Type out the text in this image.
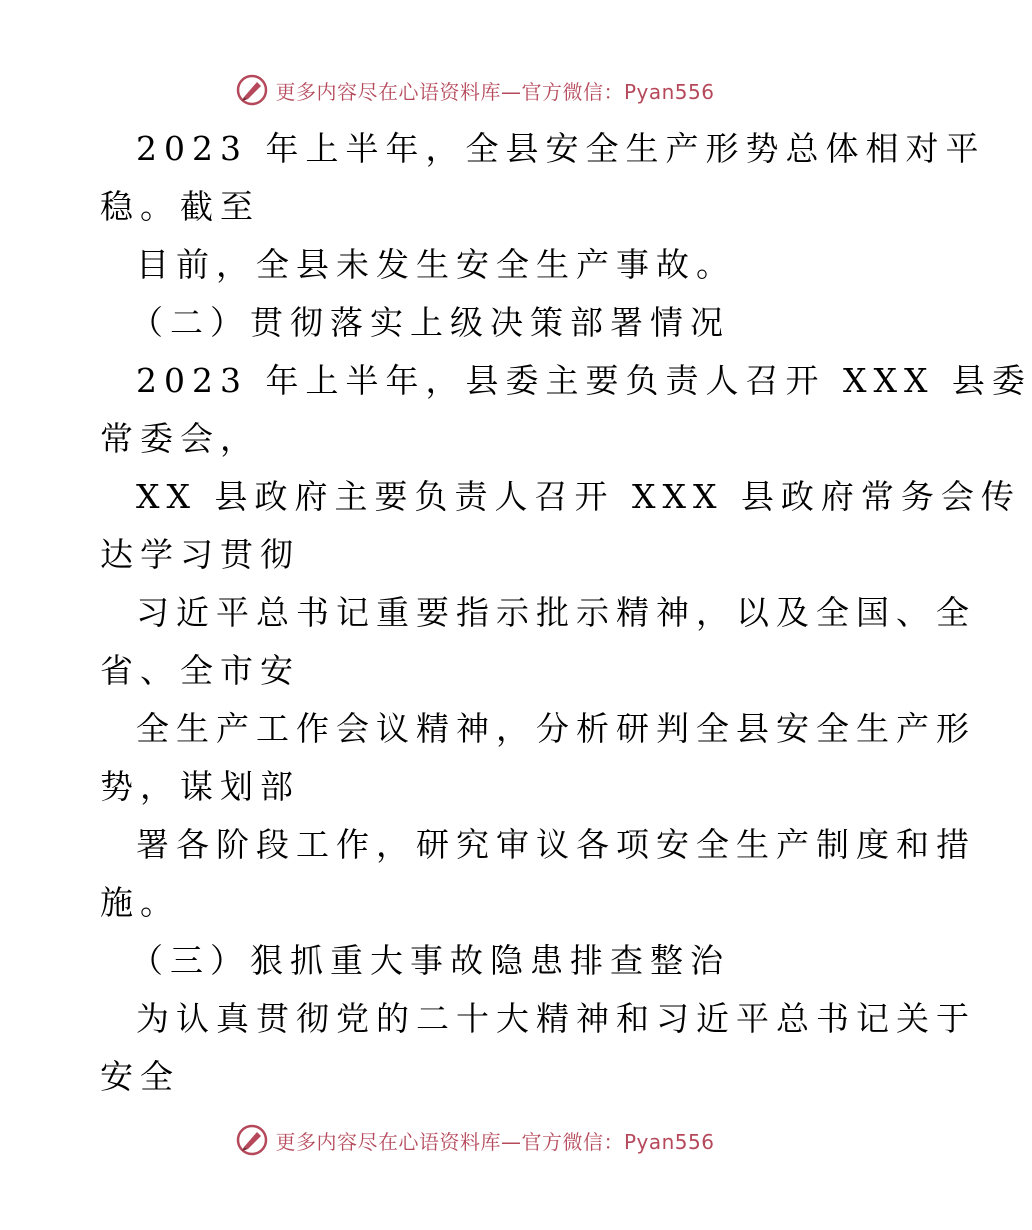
更多内容尽在心语资料库—官方微信：Pyan556
2023 年上半年，全县安全生产形势总体相对平
稳。截至
目前，全县未发生安全生产事故。
（二）贯彻落实上级决策部署情况
2023 年上半年，县委主要负责人召开 XXX 县委
常委会，
XX 县政府主要负责人召开 XXX 县政府常务会传
达学习贯彻
习近平总书记重要指示批示精神，以及全国、全
省、全市安
全生产工作会议精神，分析研判全县安全生产形
势，谋划部
署各阶段工作，研究审议各项安全生产制度和措
施。
（三）狠抓重大事故隐患排查整治
为认真贯彻党的二十大精神和习近平总书记关于
安全
更多内容尽在心语资料库—官方微信：Pyan556
